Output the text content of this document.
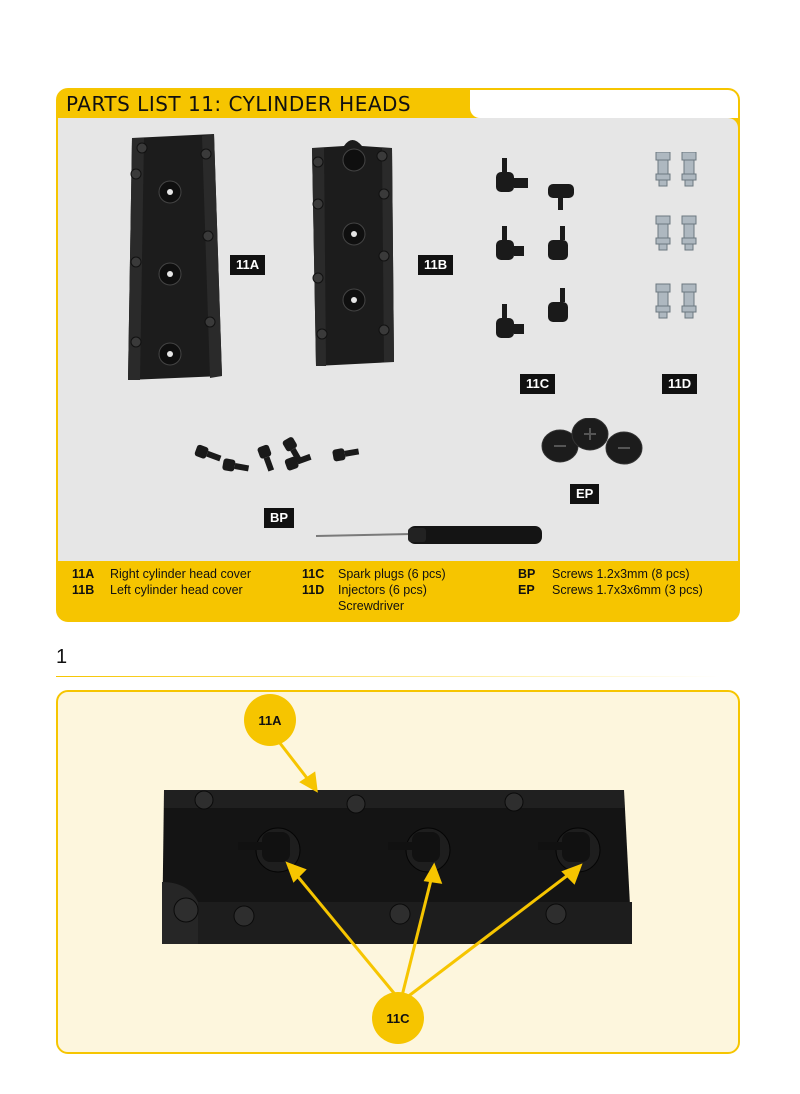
PARTS LIST 11: CYLINDER HEADS
11A	11B
11C	11D
BP
EP
11A Right cylinder head cover
11B Left cylinder head cover
11C Spark plugs (6 pcs)
11D Injectors (6 pcs)
Screwdriver
BP Screws 1.2x3mm (8 pcs)
EP Screws 1.7x3x6mm (3 pcs)
1
11A
11C
